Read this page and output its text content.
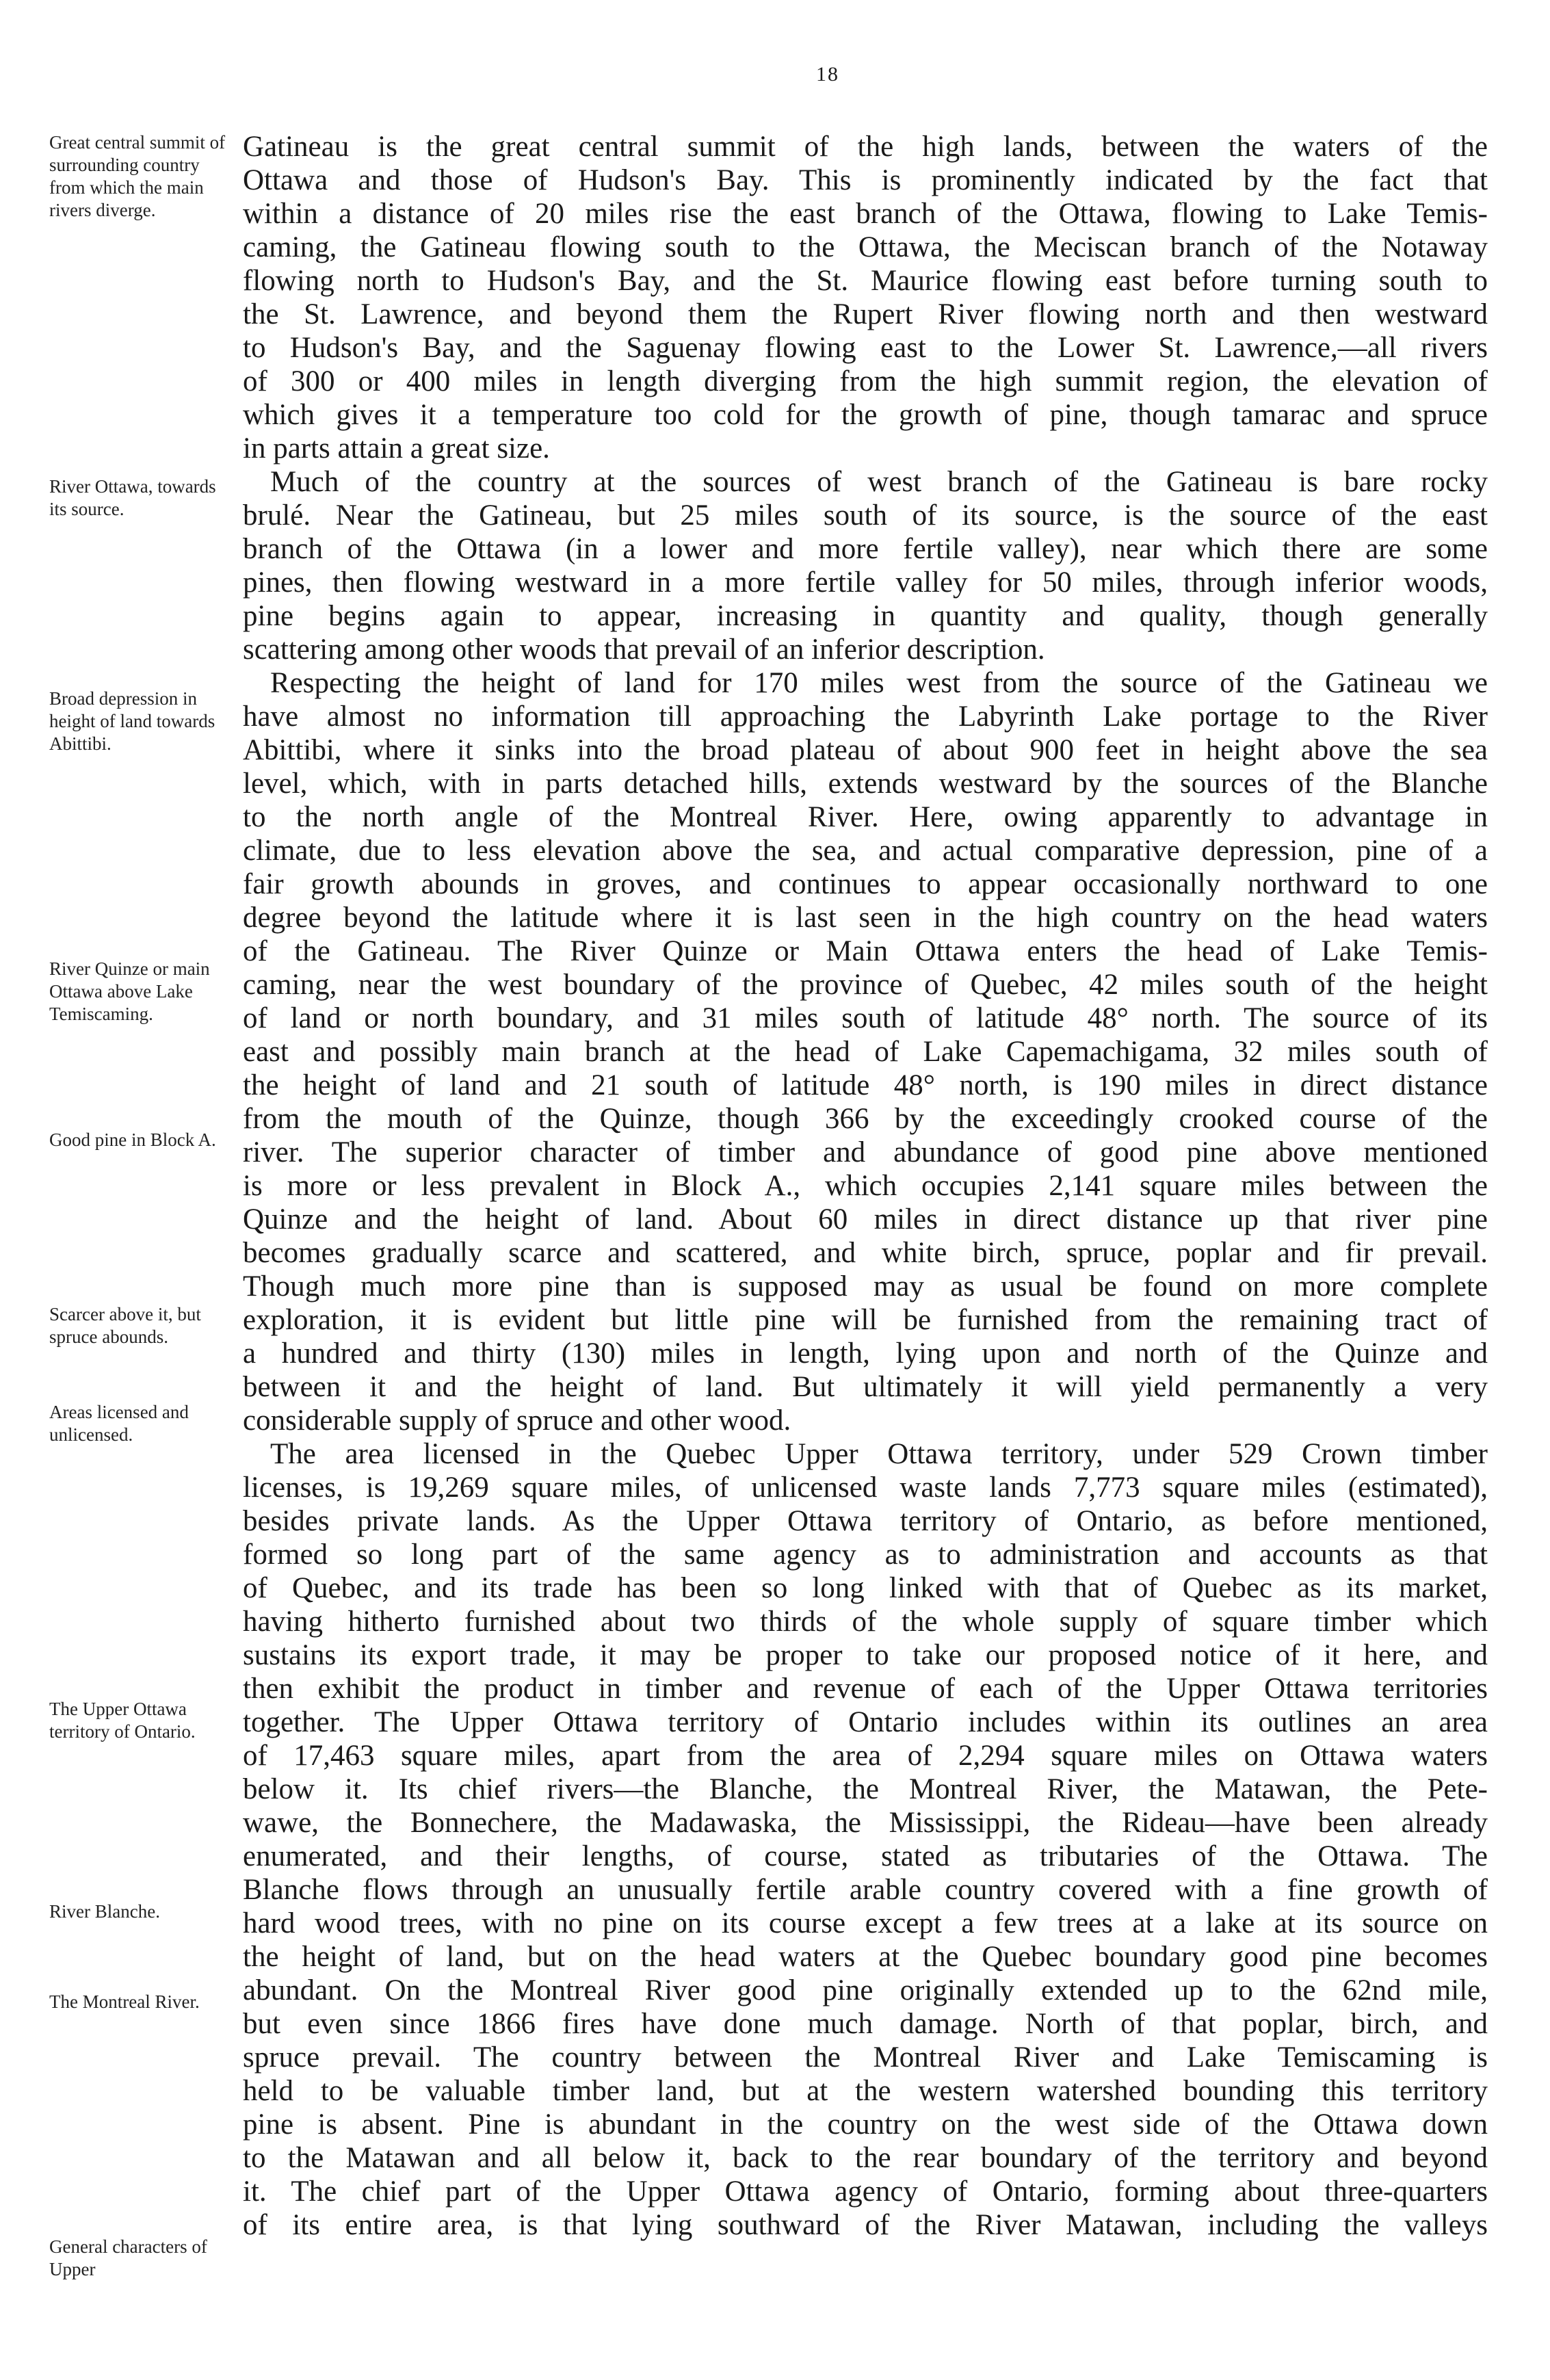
18
Great central summit of surrounding country from which the main rivers diverge.
River Ottawa, towards its source.
Broad depression in height of land towards Abittibi.
River Quinze or main Ottawa above Lake Temiscaming.
Good pine in Block A.
Scarcer above it, but spruce abounds.
Areas licensed and unlicensed.
The Upper Ottawa territory of Ontario.
River Blanche.
The Montreal River.
General characters of Upper
Gatineau is the great central summit of the high lands, between the waters of the
Ottawa and those of Hudson's Bay. This is prominently indicated by the fact that
within a distance of 20 miles rise the east branch of the Ottawa, flowing to Lake Temis-
caming, the Gatineau flowing south to the Ottawa, the Meciscan branch of the Notaway
flowing north to Hudson's Bay, and the St. Maurice flowing east before turning south to
the St. Lawrence, and beyond them the Rupert River flowing north and then westward
to Hudson's Bay, and the Saguenay flowing east to the Lower St. Lawrence,—all rivers
of 300 or 400 miles in length diverging from the high summit region, the elevation of
which gives it a temperature too cold for the growth of pine, though tamarac and spruce
in parts attain a great size.
Much of the country at the sources of west branch of the Gatineau is bare rocky
brulé. Near the Gatineau, but 25 miles south of its source, is the source of the east
branch of the Ottawa (in a lower and more fertile valley), near which there are some
pines, then flowing westward in a more fertile valley for 50 miles, through inferior woods,
pine begins again to appear, increasing in quantity and quality, though generally
scattering among other woods that prevail of an inferior description.
Respecting the height of land for 170 miles west from the source of the Gatineau we
have almost no information till approaching the Labyrinth Lake portage to the River
Abittibi, where it sinks into the broad plateau of about 900 feet in height above the sea
level, which, with in parts detached hills, extends westward by the sources of the Blanche
to the north angle of the Montreal River. Here, owing apparently to advantage in
climate, due to less elevation above the sea, and actual comparative depression, pine of a
fair growth abounds in groves, and continues to appear occasionally northward to one
degree beyond the latitude where it is last seen in the high country on the head waters
of the Gatineau. The River Quinze or Main Ottawa enters the head of Lake Temis-
caming, near the west boundary of the province of Quebec, 42 miles south of the height
of land or north boundary, and 31 miles south of latitude 48° north. The source of its
east and possibly main branch at the head of Lake Capemachigama, 32 miles south of
the height of land and 21 south of latitude 48° north, is 190 miles in direct distance
from the mouth of the Quinze, though 366 by the exceedingly crooked course of the
river. The superior character of timber and abundance of good pine above mentioned
is more or less prevalent in Block A., which occupies 2,141 square miles between the
Quinze and the height of land. About 60 miles in direct distance up that river pine
becomes gradually scarce and scattered, and white birch, spruce, poplar and fir prevail.
Though much more pine than is supposed may as usual be found on more complete
exploration, it is evident but little pine will be furnished from the remaining tract of
a hundred and thirty (130) miles in length, lying upon and north of the Quinze and
between it and the height of land. But ultimately it will yield permanently a very
considerable supply of spruce and other wood.
The area licensed in the Quebec Upper Ottawa territory, under 529 Crown timber
licenses, is 19,269 square miles, of unlicensed waste lands 7,773 square miles (estimated),
besides private lands. As the Upper Ottawa territory of Ontario, as before mentioned,
formed so long part of the same agency as to administration and accounts as that
of Quebec, and its trade has been so long linked with that of Quebec as its market,
having hitherto furnished about two thirds of the whole supply of square timber which
sustains its export trade, it may be proper to take our proposed notice of it here, and
then exhibit the product in timber and revenue of each of the Upper Ottawa territories
together. The Upper Ottawa territory of Ontario includes within its outlines an area
of 17,463 square miles, apart from the area of 2,294 square miles on Ottawa waters
below it. Its chief rivers—the Blanche, the Montreal River, the Matawan, the Pete-
wawe, the Bonnechere, the Madawaska, the Mississippi, the Rideau—have been already
enumerated, and their lengths, of course, stated as tributaries of the Ottawa. The
Blanche flows through an unusually fertile arable country covered with a fine growth of
hard wood trees, with no pine on its course except a few trees at a lake at its source on
the height of land, but on the head waters at the Quebec boundary good pine becomes
abundant. On the Montreal River good pine originally extended up to the 62nd mile,
but even since 1866 fires have done much damage. North of that poplar, birch, and
spruce prevail. The country between the Montreal River and Lake Temiscaming is
held to be valuable timber land, but at the western watershed bounding this territory
pine is absent. Pine is abundant in the country on the west side of the Ottawa down
to the Matawan and all below it, back to the rear boundary of the territory and beyond
it. The chief part of the Upper Ottawa agency of Ontario, forming about three-quarters
of its entire area, is that lying southward of the River Matawan, including the valleys
